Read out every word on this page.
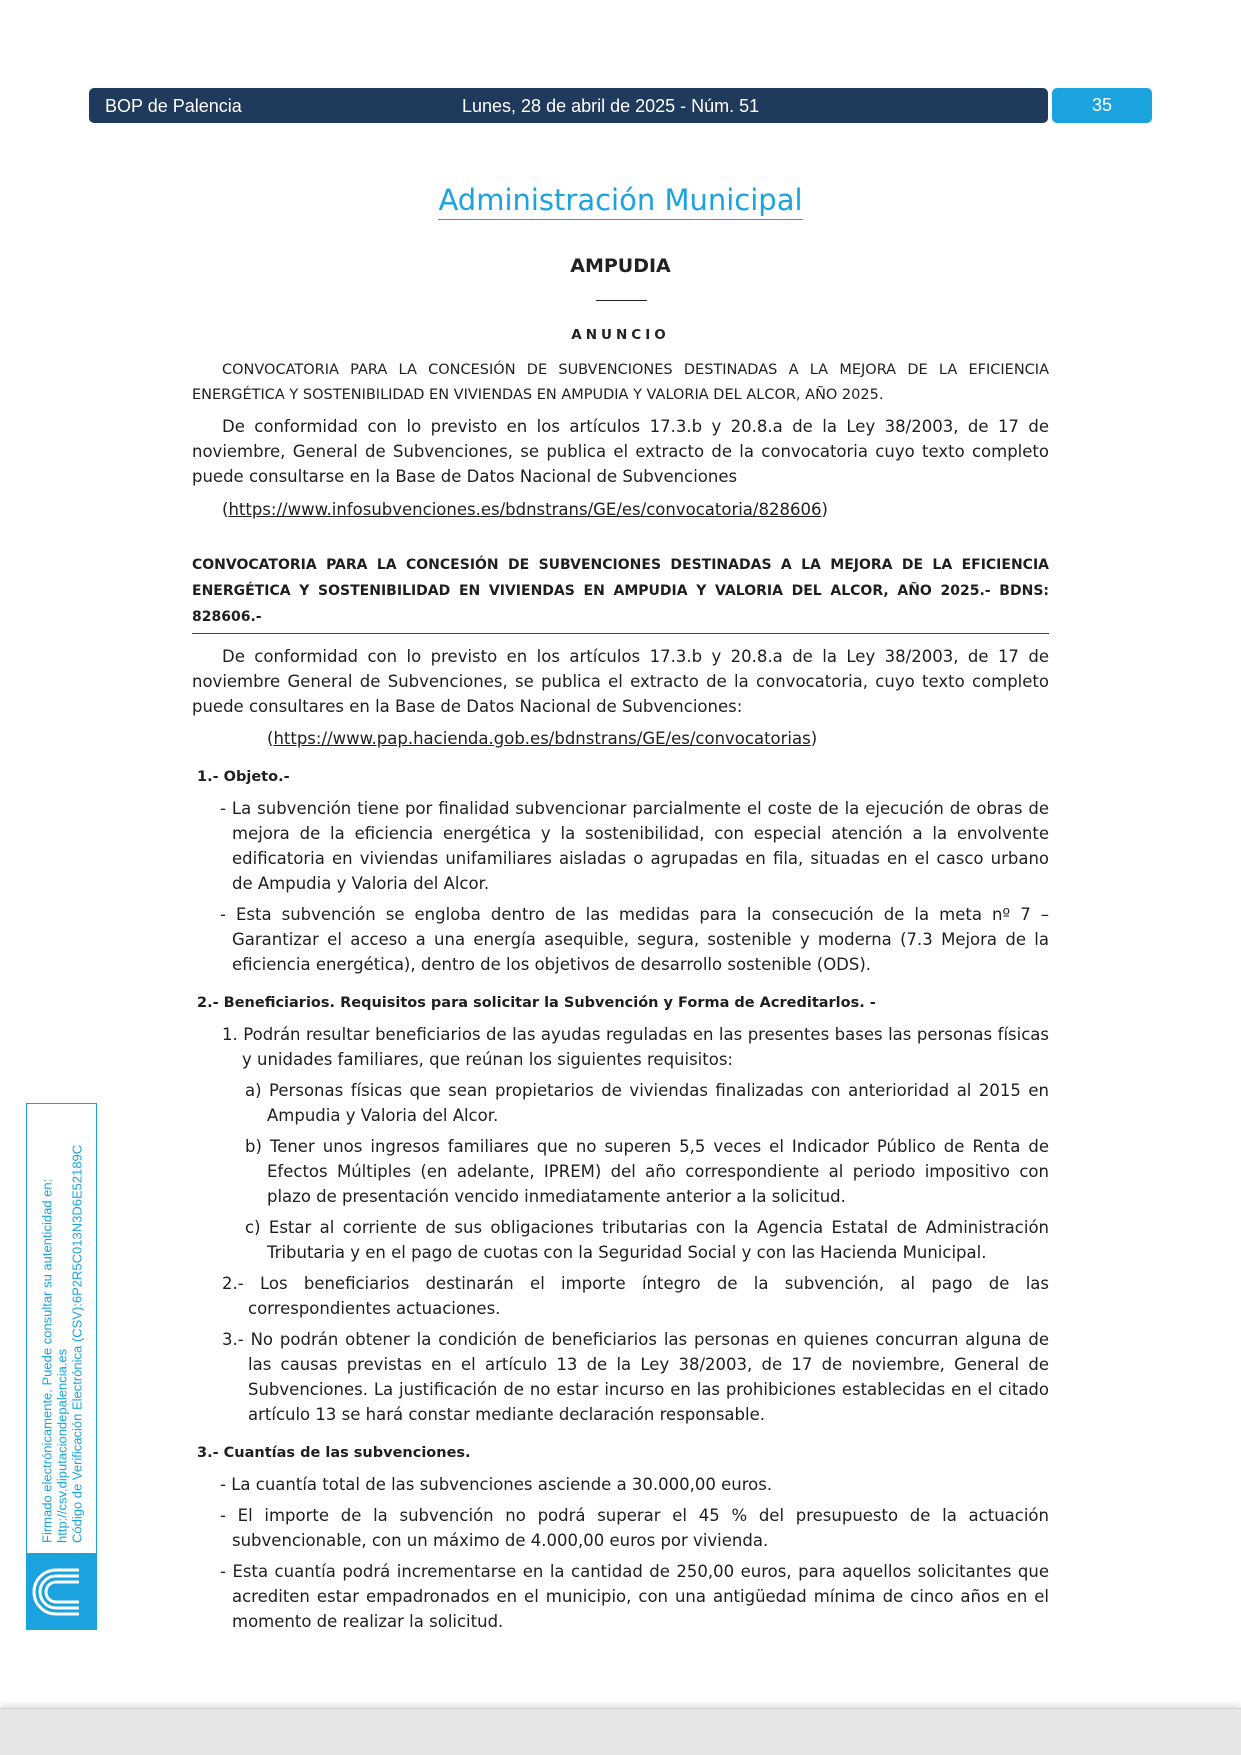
BOP de Palencia	Lunes, 28 de abril de 2025 - Núm. 51	35
Administración Municipal
AMPUDIA
ANUNCIO

CONVOCATORIA PARA LA CONCESIÓN DE SUBVENCIONES DESTINADAS A LA MEJORA DE LA EFICIENCIA ENERGÉTICA Y SOSTENIBILIDAD EN VIVIENDAS EN AMPUDIA Y VALORIA DEL ALCOR, AÑO 2025.

De conformidad con lo previsto en los artículos 17.3.b y 20.8.a de la Ley 38/2003, de 17 de noviembre, General de Subvenciones, se publica el extracto de la convocatoria cuyo texto completo puede consultarse en la Base de Datos Nacional de Subvenciones

(https://www.infosubvenciones.es/bdnstrans/GE/es/convocatoria/828606)

CONVOCATORIA PARA LA CONCESIÓN DE SUBVENCIONES DESTINADAS A LA MEJORA DE LA EFICIENCIA ENERGÉTICA Y SOSTENIBILIDAD EN VIVIENDAS EN AMPUDIA Y VALORIA DEL ALCOR, AÑO 2025.- BDNS: 828606.-

De conformidad con lo previsto en los artículos 17.3.b y 20.8.a de la Ley 38/2003, de 17 de noviembre General de Subvenciones, se publica el extracto de la convocatoria, cuyo texto completo puede consultares en la Base de Datos Nacional de Subvenciones:

(https://www.pap.hacienda.gob.es/bdnstrans/GE/es/convocatorias)

1.- Objeto.-

- La subvención tiene por finalidad subvencionar parcialmente el coste de la ejecución de obras de mejora de la eficiencia energética y la sostenibilidad, con especial atención a la envolvente edificatoria en viviendas unifamiliares aisladas o agrupadas en fila, situadas en el casco urbano de Ampudia y Valoria del Alcor.

- Esta subvención se engloba dentro de las medidas para la consecución de la meta nº 7 – Garantizar el acceso a una energía asequible, segura, sostenible y moderna (7.3 Mejora de la eficiencia energética), dentro de los objetivos de desarrollo sostenible (ODS).

2.- Beneficiarios. Requisitos para solicitar la Subvención y Forma de Acreditarlos. -

1. Podrán resultar beneficiarios de las ayudas reguladas en las presentes bases las personas físicas y unidades familiares, que reúnan los siguientes requisitos:

a) Personas físicas que sean propietarios de viviendas finalizadas con anterioridad al 2015 en Ampudia y Valoria del Alcor.

b) Tener unos ingresos familiares que no superen 5,5 veces el Indicador Público de Renta de Efectos Múltiples (en adelante, IPREM) del año correspondiente al periodo impositivo con plazo de presentación vencido inmediatamente anterior a la solicitud.

c) Estar al corriente de sus obligaciones tributarias con la Agencia Estatal de Administración Tributaria y en el pago de cuotas con la Seguridad Social y con las Hacienda Municipal.

2.- Los beneficiarios destinarán el importe íntegro de la subvención, al pago de las correspondientes actuaciones.

3.- No podrán obtener la condición de beneficiarios las personas en quienes concurran alguna de las causas previstas en el artículo 13 de la Ley 38/2003, de 17 de noviembre, General de Subvenciones. La justificación de no estar incurso en las prohibiciones establecidas en el citado artículo 13 se hará constar mediante declaración responsable.

3.- Cuantías de las subvenciones.

- La cuantía total de las subvenciones asciende a 30.000,00 euros.

- El importe de la subvención no podrá superar el 45 % del presupuesto de la actuación subvencionable, con un máximo de 4.000,00 euros por vivienda.

- Esta cuantía podrá incrementarse en la cantidad de 250,00 euros, para aquellos solicitantes que acrediten estar empadronados en el municipio, con una antigüedad mínima de cinco años en el momento de realizar la solicitud.

Firmado electrónicamente. Puede consultar su autenticidad en: http://csv.diputaciondepalencia.es Código de Verificación Electrónica (CSV):6P2R5C013N3D6E52189C
